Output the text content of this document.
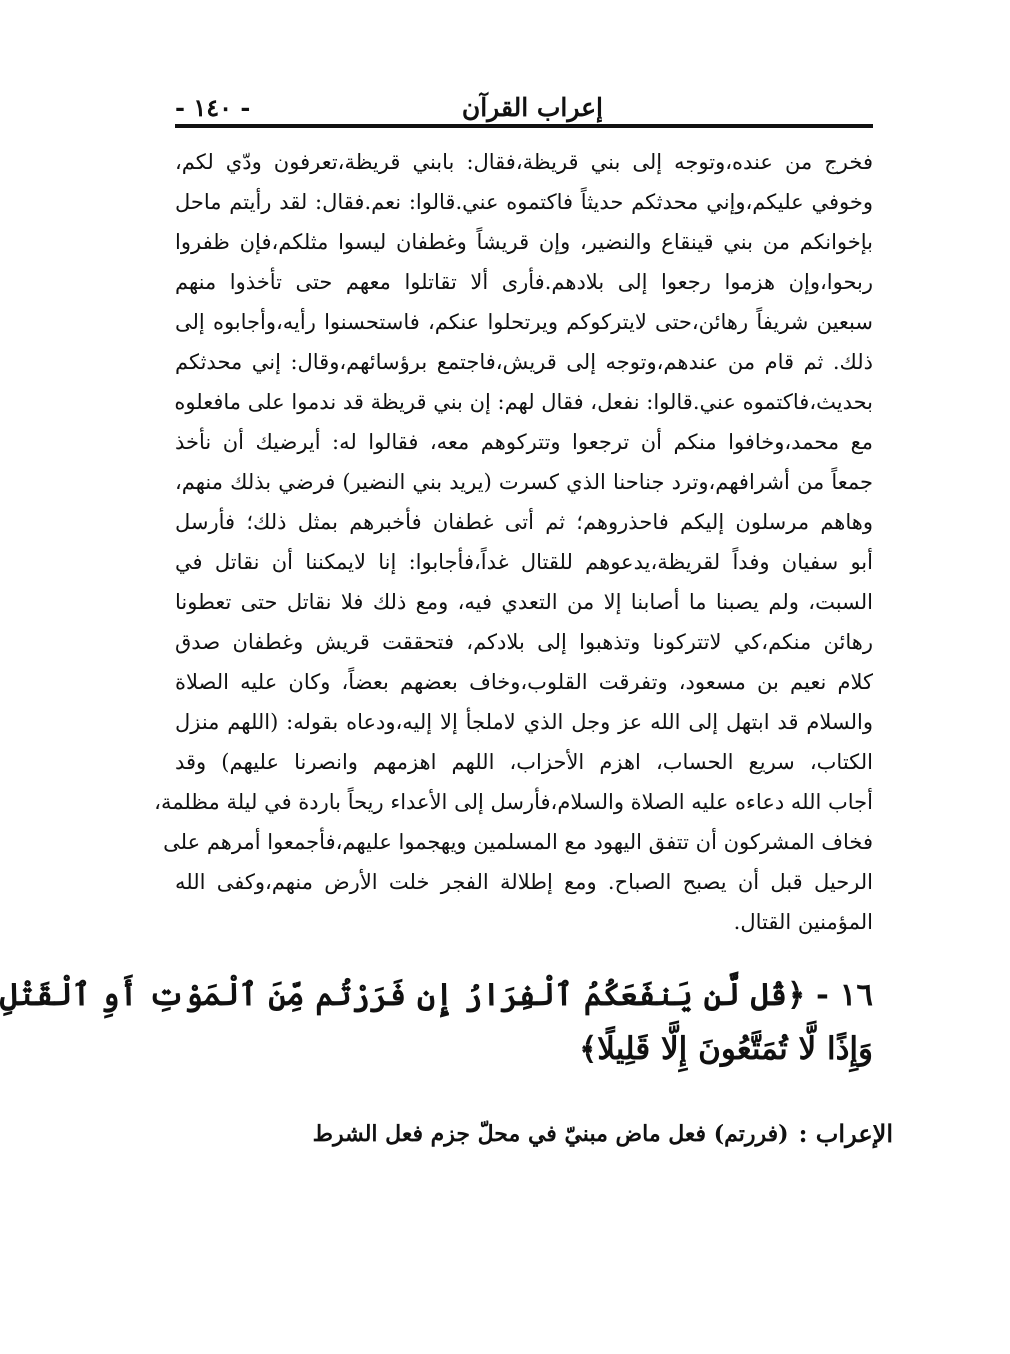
إعراب القرآن
- ١٤٠ -
فخرج من عنده،وتوجه إلى بني قريظة،فقال: بابني قريظة،تعرفون ودّي لكم،
وخوفي عليكم،وإني محدثكم حديثاً فاكتموه عني.قالوا: نعم.فقال: لقد رأيتم ماحل
بإخوانكم من بني قينقاع والنضير، وإن قريشاً وغطفان ليسوا مثلكم،فإن ظفروا
ربحوا،وإن هزموا رجعوا إلى بلادهم.فأرى ألا تقاتلوا معهم حتى تأخذوا منهم
سبعين شريفاً رهائن،حتى لايتركوكم ويرتحلوا عنكم، فاستحسنوا رأيه،وأجابوه إلى
ذلك. ثم قام من عندهم،وتوجه إلى قريش،فاجتمع برؤسائهم،وقال: إني محدثكم
بحديث،فاكتموه عني.قالوا: نفعل، فقال لهم: إن بني قريظة قد ندموا على مافعلوه
مع محمد،وخافوا منكم أن ترجعوا وتتركوهم معه، فقالوا له: أيرضيك أن نأخذ
جمعاً من أشرافهم،وترد جناحنا الذي كسرت (يريد بني النضير) فرضي بذلك منهم،
وهاهم مرسلون إليكم فاحذروهم؛ ثم أتى غطفان فأخبرهم بمثل ذلك؛ فأرسل
أبو سفيان وفداً لقريظة،يدعوهم للقتال غداً،فأجابوا: إنا لايمكننا أن نقاتل في
السبت، ولم يصبنا ما أصابنا إلا من التعدي فيه، ومع ذلك فلا نقاتل حتى تعطونا
رهائن منكم،كي لاتتركونا وتذهبوا إلى بلادكم، فتحققت قريش وغطفان صدق
كلام نعيم بن مسعود، وتفرقت القلوب،وخاف بعضهم بعضاً، وكان عليه الصلاة
والسلام قد ابتهل إلى الله عز وجل الذي لاملجأ إلا إليه،ودعاه بقوله: (اللهم منزل
الكتاب، سريع الحساب، اهزم الأحزاب، اللهم اهزمهم وانصرنا عليهم) وقد
أجاب الله دعاءه عليه الصلاة والسلام،فأرسل إلى الأعداء ريحاً باردة في ليلة مظلمة،
فخاف المشركون أن تتفق اليهود مع المسلمين ويهجموا عليهم،فأجمعوا أمرهم على
الرحيل قبل أن يصبح الصباح. ومع إطلالة الفجر خلت الأرض منهم،وكفى الله
المؤمنين القتال.
١٦ - ﴿قُل لَّن يَنفَعَكُمُ ٱلْفِرَارُ إِن فَرَرْتُم مِّنَ ٱلْمَوْتِ أَوِ ٱلْقَتْلِ
وَإِذًا لَّا تُمَتَّعُونَ إِلَّا قَلِيلًا﴾
الإعراب :
(فررتم) فعل ماض مبنيّ في محلّ جزم فعل الشرط
